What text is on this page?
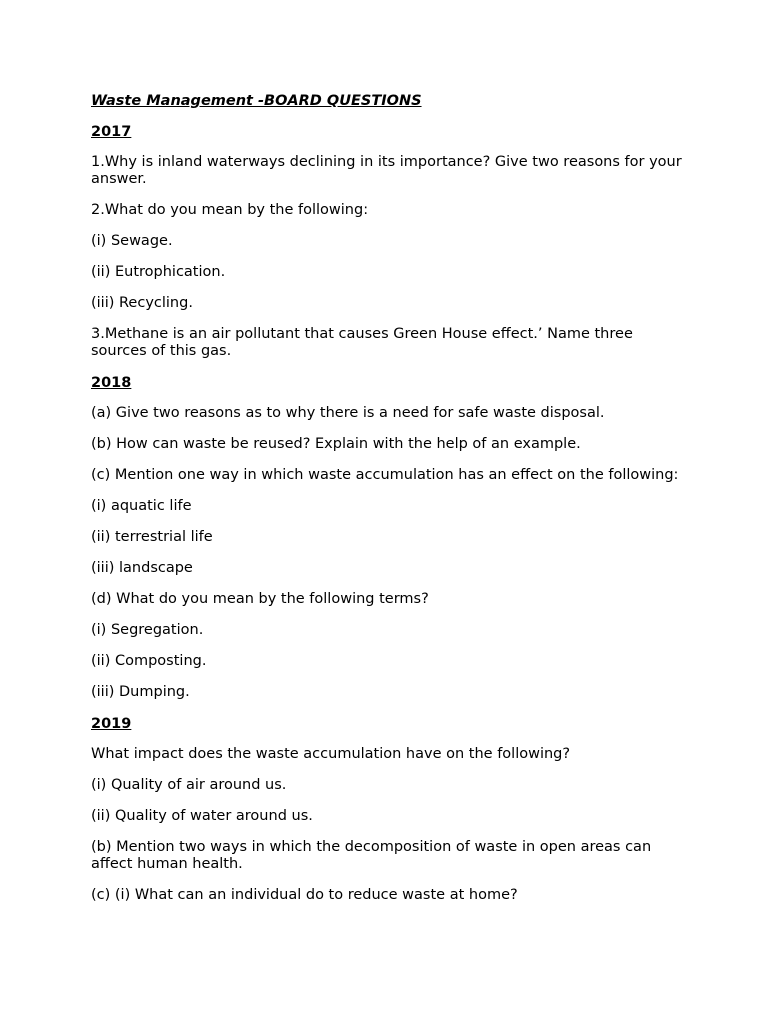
Waste Management -BOARD QUESTIONS
2017
1.Why is inland waterways declining in its importance? Give two reasons for your answer.
2.What do you mean by the following:
(i) Sewage.
(ii) Eutrophication.
(iii) Recycling.
3.Methane is an air pollutant that causes Green House effect.’ Name three sources of this gas.
2018
(a) Give two reasons as to why there is a need for safe waste disposal.
(b) How can waste be reused? Explain with the help of an example.
(c) Mention one way in which waste accumulation has an effect on the following:
(i) aquatic life
(ii) terrestrial life
(iii) landscape
(d) What do you mean by the following terms?
(i) Segregation.
(ii) Composting.
(iii) Dumping.
2019
What impact does the waste accumulation have on the following?
(i) Quality of air around us.
(ii) Quality of water around us.
(b) Mention two ways in which the decomposition of waste in open areas can affect human health.
(c) (i) What can an individual do to reduce waste at home?
